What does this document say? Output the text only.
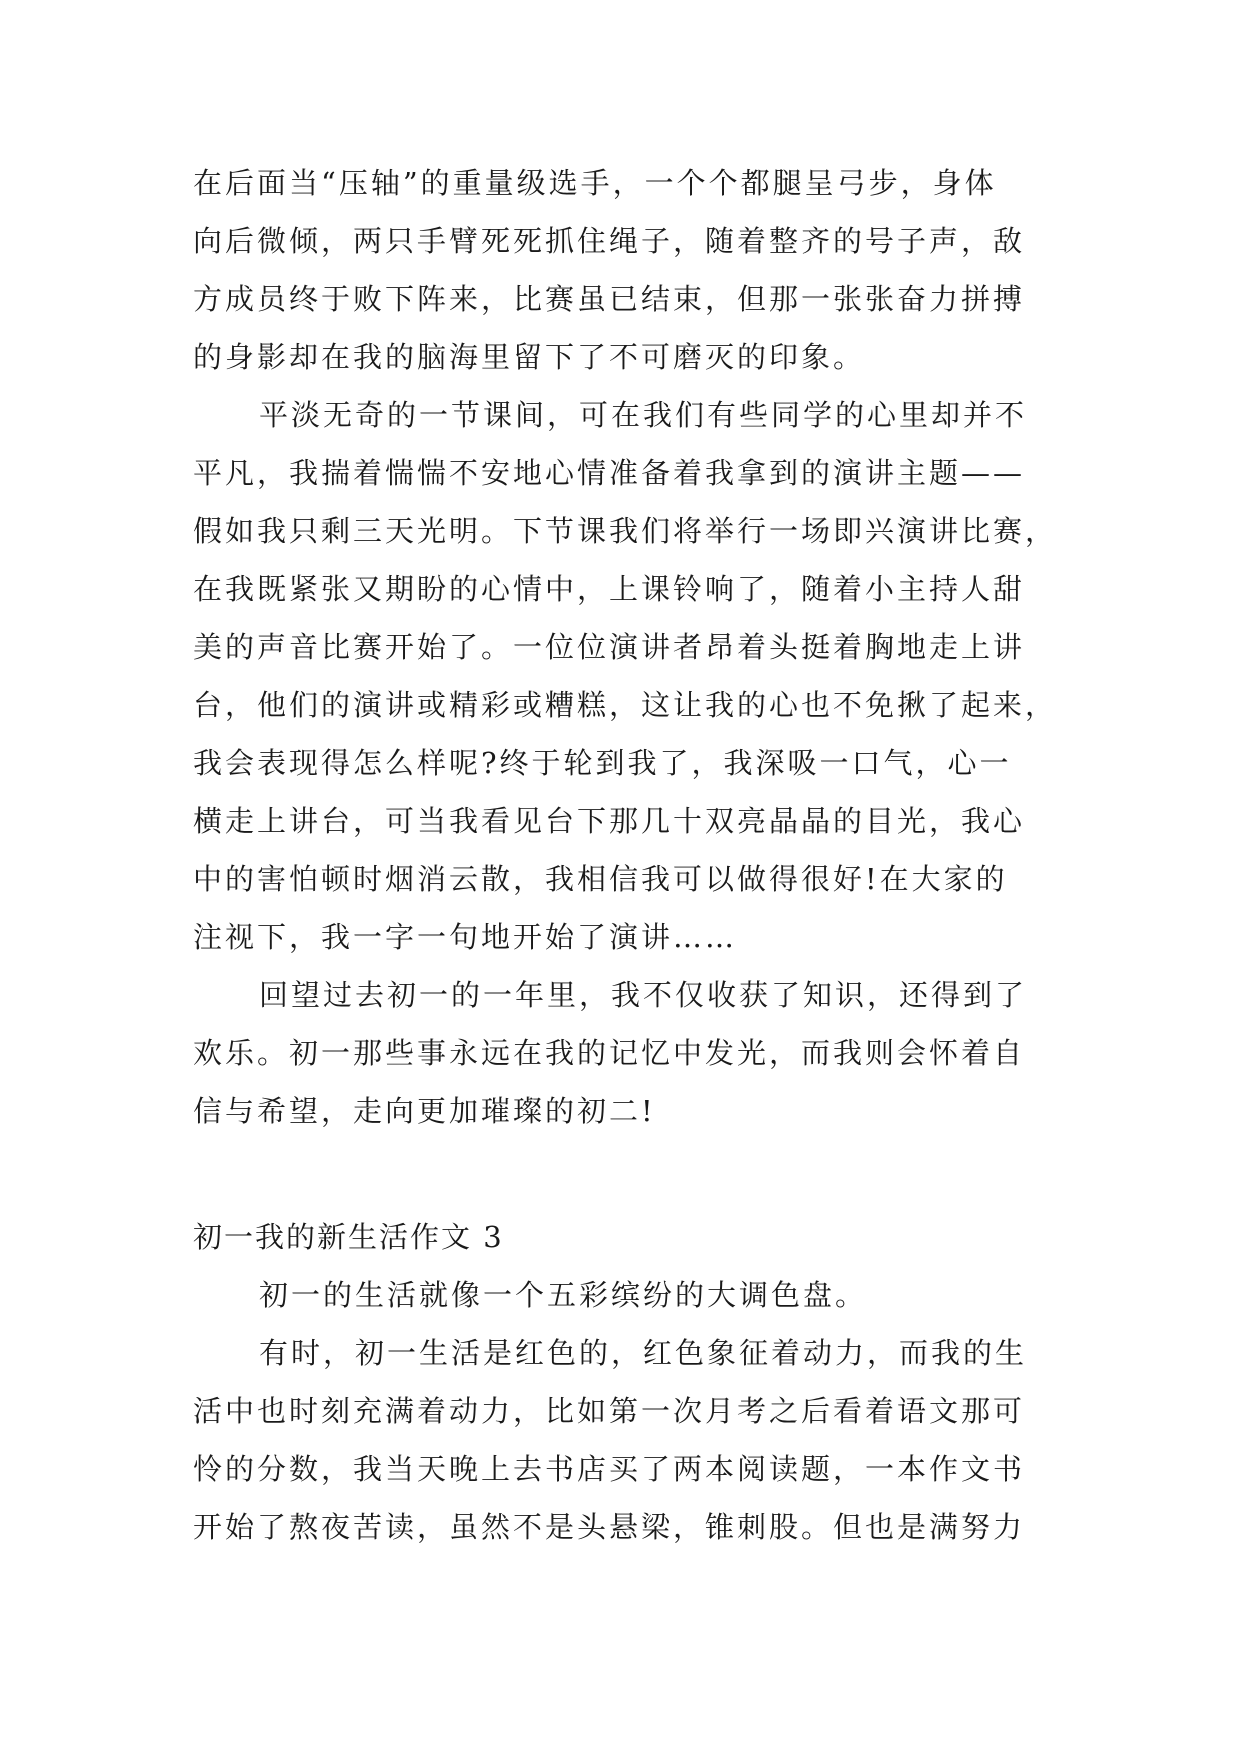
在后面当“压轴”的重量级选手，一个个都腿呈弓步，身体
向后微倾，两只手臂死死抓住绳子，随着整齐的号子声，敌
方成员终于败下阵来，比赛虽已结束，但那一张张奋力拼搏
的身影却在我的脑海里留下了不可磨灭的印象。
平淡无奇的一节课间，可在我们有些同学的心里却并不
平凡，我揣着惴惴不安地心情准备着我拿到的演讲主题——
假如我只剩三天光明。下节课我们将举行一场即兴演讲比赛，
在我既紧张又期盼的心情中，上课铃响了，随着小主持人甜
美的声音比赛开始了。一位位演讲者昂着头挺着胸地走上讲
台，他们的演讲或精彩或糟糕，这让我的心也不免揪了起来，
我会表现得怎么样呢?终于轮到我了，我深吸一口气，心一
横走上讲台，可当我看见台下那几十双亮晶晶的目光，我心
中的害怕顿时烟消云散，我相信我可以做得很好!在大家的
注视下，我一字一句地开始了演讲……
回望过去初一的一年里，我不仅收获了知识，还得到了
欢乐。初一那些事永远在我的记忆中发光，而我则会怀着自
信与希望，走向更加璀璨的初二!
初一我的新生活作文 3
初一的生活就像一个五彩缤纷的大调色盘。
有时，初一生活是红色的，红色象征着动力，而我的生
活中也时刻充满着动力，比如第一次月考之后看着语文那可
怜的分数，我当天晚上去书店买了两本阅读题，一本作文书
开始了熬夜苦读，虽然不是头悬梁，锥刺股。但也是满努力
